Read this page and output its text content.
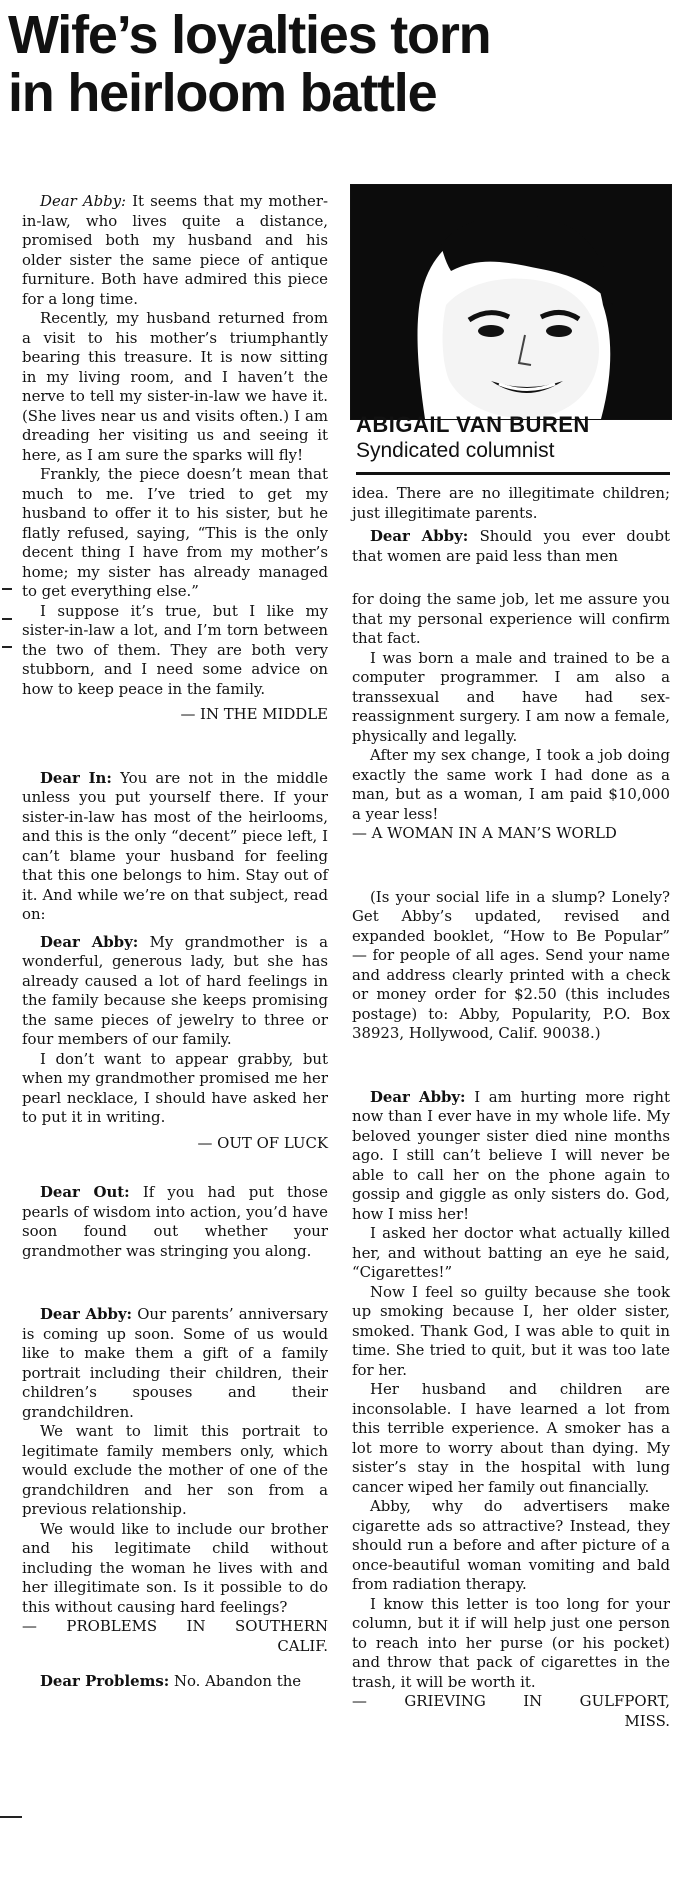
Wife’s loyalties torn
in heirloom battle
ABIGAIL VAN BUREN
Syndicated columnist

Dear Abby: It seems that my mother-in-law, who lives quite a distance, promised both my husband and his older sister the same piece of antique furniture. Both have admired this piece for a long time.

Recently, my husband returned from a visit to his mother’s triumphantly bearing this treasure. It is now sitting in my living room, and I haven’t the nerve to tell my sister-in-law we have it. (She lives near us and visits often.) I am dreading her visiting us and seeing it here, as I am sure the sparks will fly!

Frankly, the piece doesn’t mean that much to me. I’ve tried to get my husband to offer it to his sister, but he flatly refused, saying, “This is the only decent thing I have from my mother’s home; my sister has already managed to get everything else.”

I suppose it’s true, but I like my sister-in-law a lot, and I’m torn between the two of them. They are both very stubborn, and I need some advice on how to keep peace in the family.

— IN THE MIDDLE

Dear In: You are not in the middle unless you put yourself there. If your sister-in-law has most of the heirlooms, and this is the only “decent” piece left, I can’t blame your husband for feeling that this one belongs to him. Stay out of it. And while we’re on that subject, read on:

Dear Abby: My grandmother is a wonderful, generous lady, but she has already caused a lot of hard feelings in the family because she keeps promising the same pieces of jewelry to three or four members of our family.

I don’t want to appear grabby, but when my grandmother promised me her pearl necklace, I should have asked her to put it in writing.

— OUT OF LUCK

Dear Out: If you had put those pearls of wisdom into action, you’d have soon found out whether your grandmother was stringing you along.

Dear Abby: Our parents’ anniversary is coming up soon. Some of us would like to make them a gift of a family portrait including their children, their children’s spouses and their grandchildren.

We want to limit this portrait to legitimate family members only, which would exclude the mother of one of the grandchildren and her son from a previous relationship.

We would like to include our brother and his legitimate child without including the woman he lives with and her illegitimate son. Is it possible to do this without causing hard feelings?

— PROBLEMS IN SOUTHERN

CALIF.

Dear Problems: No. Abandon the

idea. There are no illegitimate children; just illegitimate parents.

Dear Abby: Should you ever doubt that women are paid less than men

for doing the same job, let me assure you that my personal experience will confirm that fact.

I was born a male and trained to be a computer programmer. I am also a transsexual and have had sex-reassignment surgery. I am now a female, physically and legally.

After my sex change, I took a job doing exactly the same work I had done as a man, but as a woman, I am paid $10,000 a year less!

— A WOMAN IN A MAN’S WORLD

(Is your social life in a slump? Lonely? Get Abby’s updated, revised and expanded booklet, “How to Be Popular” — for people of all ages. Send your name and address clearly printed with a check or money order for $2.50 (this includes postage) to: Abby, Popularity, P.O. Box 38923, Hollywood, Calif. 90038.)

Dear Abby: I am hurting more right now than I ever have in my whole life. My beloved younger sister died nine months ago. I still can’t believe I will never be able to call her on the phone again to gossip and giggle as only sisters do. God, how I miss her!

I asked her doctor what actually killed her, and without batting an eye he said, “Cigarettes!”

Now I feel so guilty because she took up smoking because I, her older sister, smoked. Thank God, I was able to quit in time. She tried to quit, but it was too late for her.

Her husband and children are inconsolable. I have learned a lot from this terrible experience. A smoker has a lot more to worry about than dying. My sister’s stay in the hospital with lung cancer wiped her family out financially.

Abby, why do advertisers make cigarette ads so attractive? Instead, they should run a before and after picture of a once-beautiful woman vomiting and bald from radiation therapy.

I know this letter is too long for your column, but it if will help just one person to reach into her purse (or his pocket) and throw that pack of cigarettes in the trash, it will be worth it.

— GRIEVING IN GULFPORT,

MISS.
